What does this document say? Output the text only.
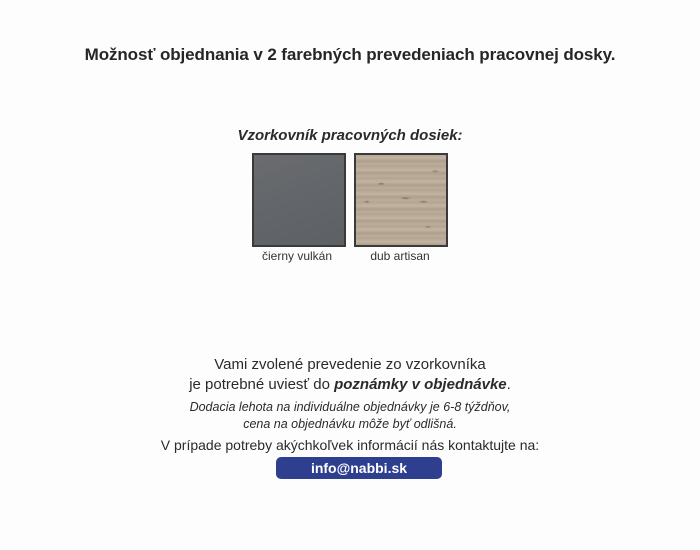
Možnosť objednania v 2 farebných prevedeniach pracovnej dosky.
Vzorkovník pracovných dosiek:
čierny vulkán	dub artisan
Vami zvolené prevedenie zo vzorkovníka
je potrebné uviesť do poznámky v objednávke.
Dodacia lehota na individuálne objednávky je 6-8 týždňov,
cena na objednávku môže byť odlišná.
V prípade potreby akýchkoľvek informácií nás kontaktujte na:
info@nabbi.sk
